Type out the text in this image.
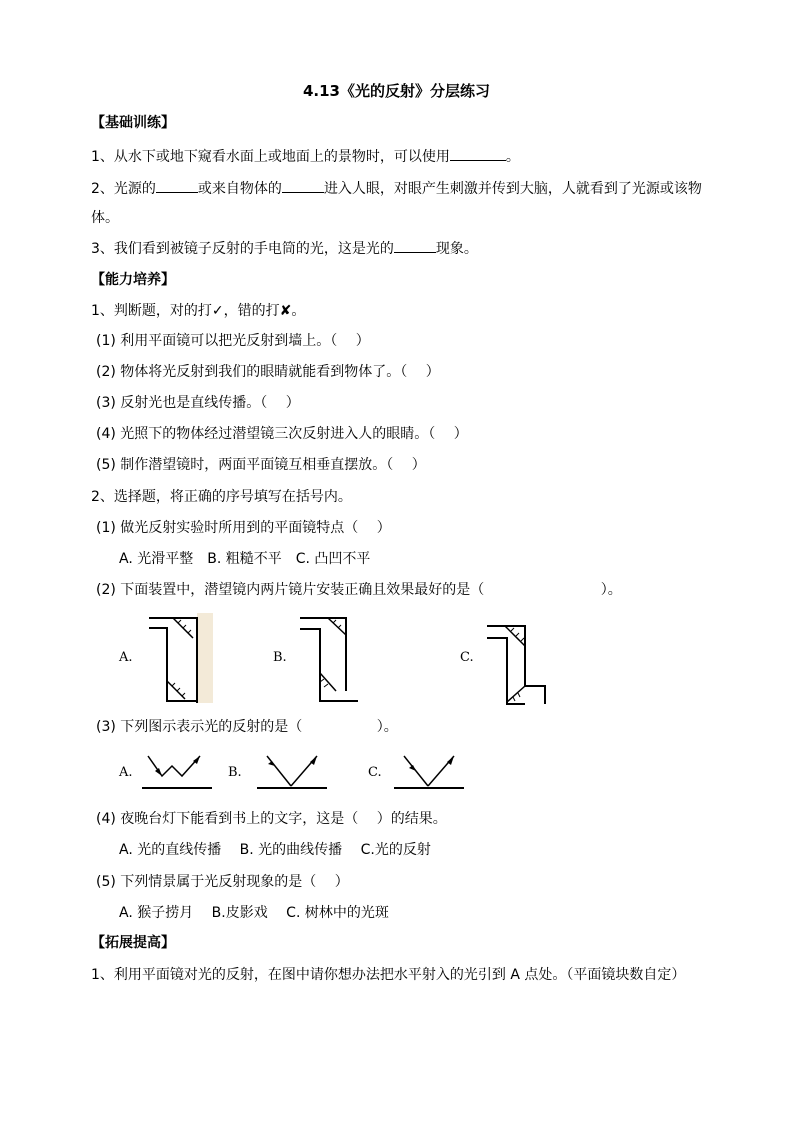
4.13《光的反射》分层练习
【基础训练】
1、从水下或地下窥看水面上或地面上的景物时，可以使用	。
2、光源的	或来自物体的	进入人眼，对眼产生刺激并传到大脑，人就看到了光源或该物
体。
3、我们看到被镜子反射的手电筒的光，这是光的	现象。
【能力培养】
1、判断题，对的打✓，错的打✘。
(1) 利用平面镜可以把光反射到墙上。（　 ）
(2) 物体将光反射到我们的眼睛就能看到物体了。（　 ）
(3) 反射光也是直线传播。（　 ）
(4) 光照下的物体经过潜望镜三次反射进入人的眼睛。（　 ）
(5) 制作潜望镜时，两面平面镜互相垂直摆放。（　 ）
2、选择题，将正确的序号填写在括号内。
(1) 做光反射实验时所用到的平面镜特点（　 ）
A. 光滑平整　B. 粗糙不平　C. 凸凹不平
(2) 下面装置中，潜望镜内两片镜片安装正确且效果最好的是（　　　　　　　　 ）。
A.	B.	C.
(3) 下列图示表示光的反射的是（　　　　　 ）。
A.	B.	C.
(4) 夜晚台灯下能看到书上的文字，这是（　 ）的结果。
A. 光的直线传播　 B. 光的曲线传播　 C.光的反射
(5) 下列情景属于光反射现象的是（　 ）
A. 猴子捞月　 B.皮影戏　 C. 树林中的光斑
【拓展提高】
1、利用平面镜对光的反射，在图中请你想办法把水平射入的光引到 A 点处。（平面镜块数自定）
